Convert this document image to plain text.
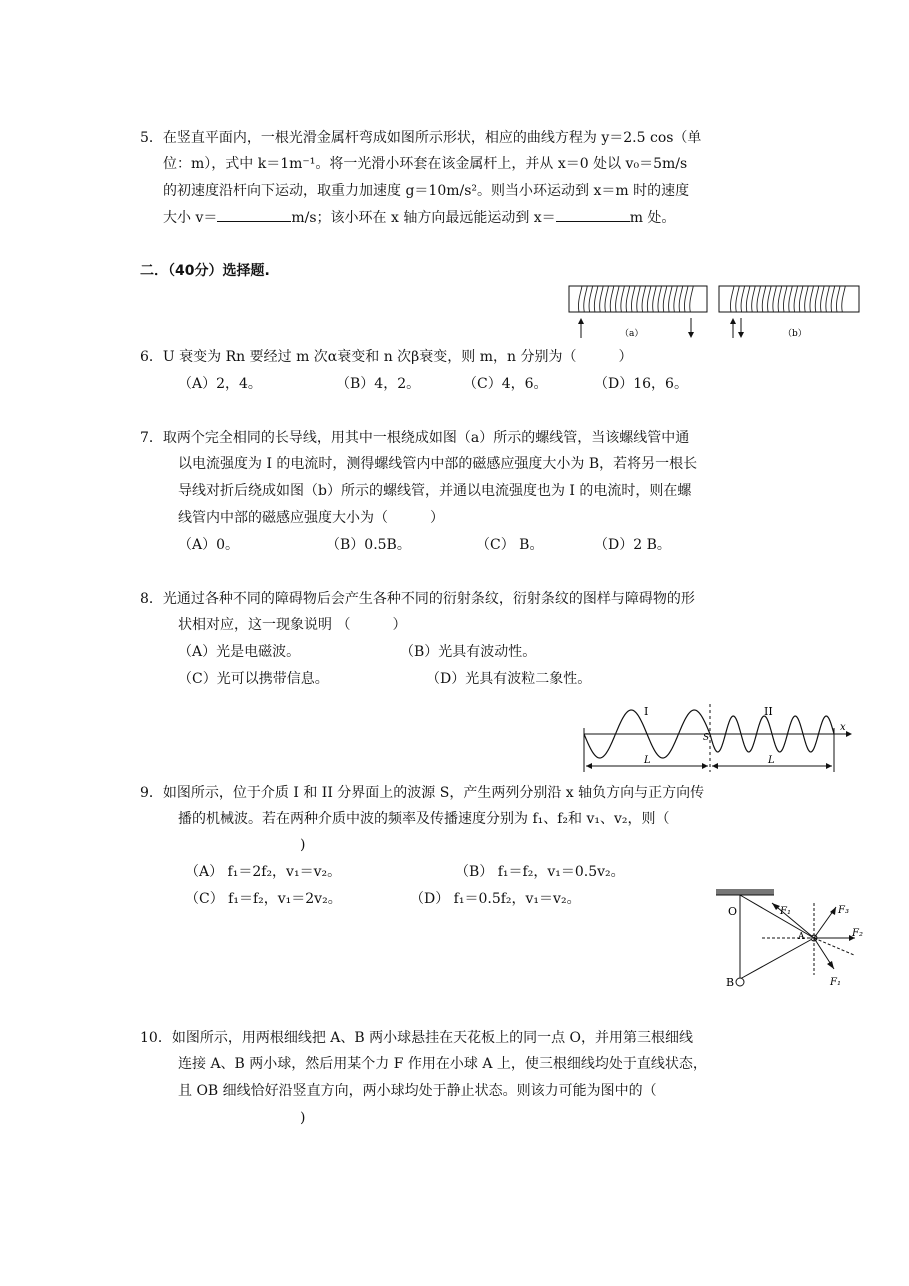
5．在竖直平面内，一根光滑金属杆弯成如图所示形状，相应的曲线方程为 y＝2.5 cos（单
位：m），式中 k＝1m⁻¹。将一光滑小环套在该金属杆上，并从 x＝0 处以 v₀＝5m/s
的初速度沿杆向下运动，取重力加速度 g＝10m/s²。则当小环运动到 x＝m 时的速度
大小 v＝	m/s；该小环在 x 轴方向最远能运动到 x＝	m 处。
二．（40分）选择题.
（a）	（b）
6．U 衰变为 Rn 要经过 m 次α衰变和 n 次β衰变，则 m，n 分别为（　　　）
（A）2，4。	（B）4，2。	（C）4，6。	（D）16，6。
7．取两个完全相同的长导线，用其中一根绕成如图（a）所示的螺线管，当该螺线管中通
以电流强度为 I 的电流时，测得螺线管内中部的磁感应强度大小为 B，若将另一根长
导线对折后绕成如图（b）所示的螺线管，并通以电流强度也为 I 的电流时，则在螺
线管内中部的磁感应强度大小为（　　　）
（A）0。	（B）0.5B。	（C） B。	（D）2 B。
8．光通过各种不同的障碍物后会产生各种不同的衍射条纹，衍射条纹的图样与障碍物的形
状相对应，这一现象说明 （　　　）
（A）光是电磁波。	（B）光具有波动性。
（C）光可以携带信息。	（D）光具有波粒二象性。
I	II
S
x
L	L
9．如图所示，位于介质 I 和 II 分界面上的波源 S，产生两列分别沿 x 轴负方向与正方向传
播的机械波。若在两种介质中波的频率及传播速度分别为 f₁、f₂和 v₁、v₂，则（
)
（A） f₁＝2f₂，v₁＝v₂。	（B） f₁＝f₂，v₁＝0.5v₂。
（C） f₁＝f₂，v₁＝2v₂。	（D） f₁＝0.5f₂，v₁＝v₂。
O
A
B
F₁	F₃
F₂
F₁
10．如图所示，用两根细线把 A、B 两小球悬挂在天花板上的同一点 O，并用第三根细线
连接 A、B 两小球，然后用某个力 F 作用在小球 A 上，使三根细线均处于直线状态，
且 OB 细线恰好沿竖直方向，两小球均处于静止状态。则该力可能为图中的（
)
